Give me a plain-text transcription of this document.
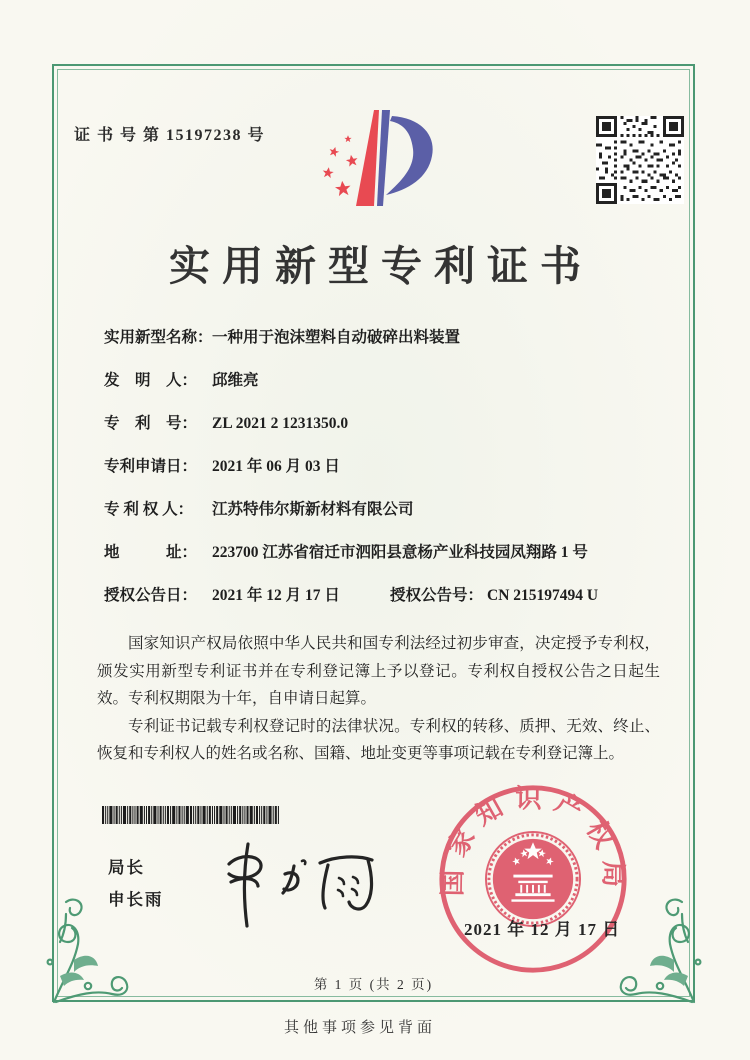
证 书 号 第 15197238 号
实用新型专利证书
实用新型名称： 一种用于泡沫塑料自动破碎出料装置
发　明　人： 邱维亮
专　利　号： ZL 2021 2 1231350.0
专利申请日： 2021 年 06 月 03 日
专 利 权 人：	江苏特伟尔斯新材料有限公司
地　　　址： 223700 江苏省宿迁市泗阳县意杨产业科技园凤翔路 1 号
授权公告日： 2021 年 12 月 17 日	授权公告号： CN 215197494 U

国家知识产权局依照中华人民共和国专利法经过初步审查，决定授予专利权，颁发实用新型专利证书并在专利登记簿上予以登记。专利权自授权公告之日起生效。专利权期限为十年，自申请日起算。

专利证书记载专利权登记时的法律状况。专利权的转移、质押、无效、终止、恢复和专利权人的姓名或名称、国籍、地址变更等事项记载在专利登记簿上。

局长
申长雨
国家知识产权局
2021 年 12 月 17 日
第 1 页 (共 2 页)
其他事项参见背面
